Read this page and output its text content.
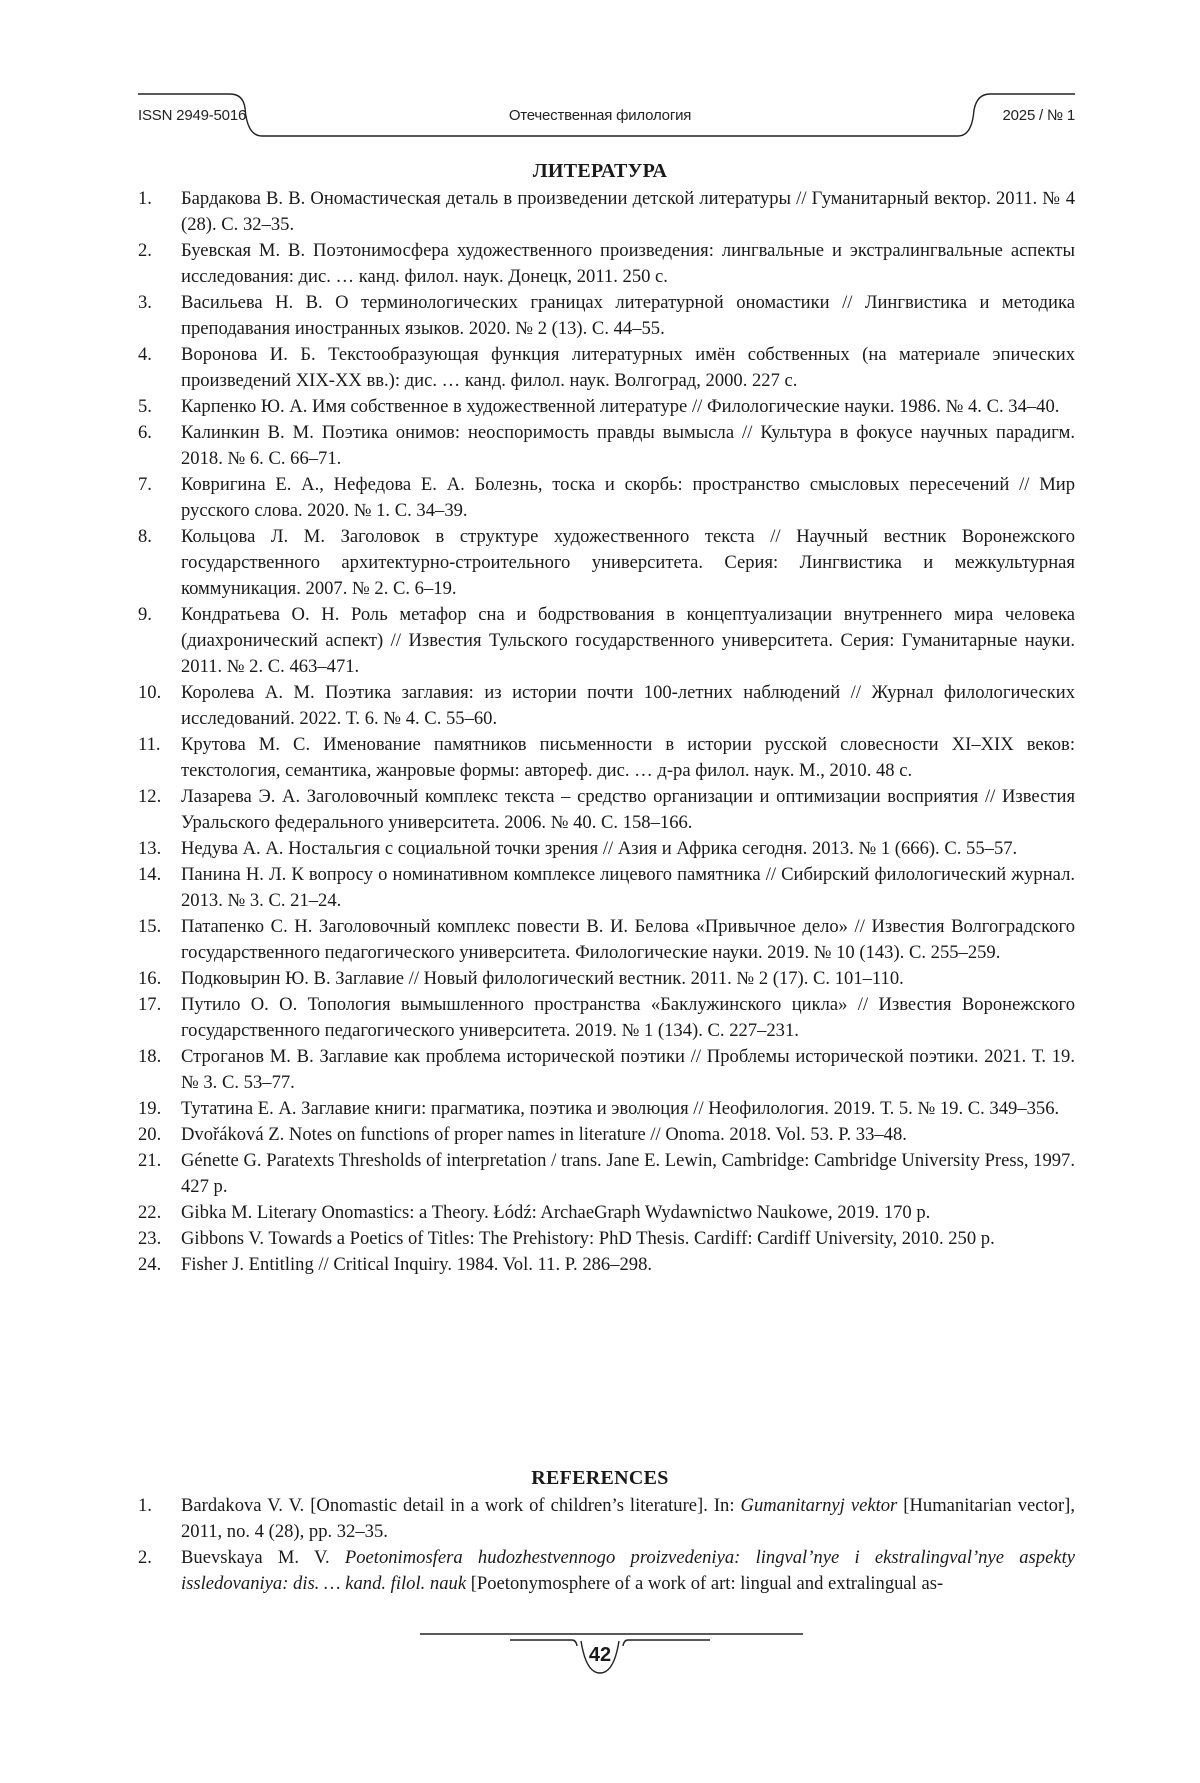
ISSN 2949-5016	Отечественная филология	2025 / № 1
ЛИТЕРАТУРА
1. Бардакова В. В. Ономастическая деталь в произведении детской литературы // Гуманитарный вектор. 2011. № 4 (28). С. 32–35.
2. Буевская М. В. Поэтонимосфера художественного произведения: лингвальные и экстралингвальные аспекты исследования: дис. … канд. филол. наук. Донецк, 2011. 250 с.
3. Васильева Н. В. О терминологических границах литературной ономастики // Лингвистика и методика преподавания иностранных языков. 2020. № 2 (13). С. 44–55.
4. Воронова И. Б. Текстообразующая функция литературных имён собственных (на материале эпических произведений XIX-XX вв.): дис. … канд. филол. наук. Волгоград, 2000. 227 с.
5. Карпенко Ю. А. Имя собственное в художественной литературе // Филологические науки. 1986. № 4. С. 34–40.
6. Калинкин В. М. Поэтика онимов: неоспоримость правды вымысла // Культура в фокусе научных парадигм. 2018. № 6. С. 66–71.
7. Ковригина Е. А., Нефедова Е. А. Болезнь, тоска и скорбь: пространство смысловых пересечений // Мир русского слова. 2020. № 1. С. 34–39.
8. Кольцова Л. М. Заголовок в структуре художественного текста // Научный вестник Воронежского государственного архитектурно-строительного университета. Серия: Лингвистика и межкультурная коммуникация. 2007. № 2. С. 6–19.
9. Кондратьева О. Н. Роль метафор сна и бодрствования в концептуализации внутреннего мира человека (диахронический аспект) // Известия Тульского государственного университета. Серия: Гуманитарные науки. 2011. № 2. С. 463–471.
10. Королева А. М. Поэтика заглавия: из истории почти 100-летних наблюдений // Журнал филологических исследований. 2022. Т. 6. № 4. С. 55–60.
11. Крутова М. С. Именование памятников письменности в истории русской словесности XI–XIX веков: текстология, семантика, жанровые формы: автореф. дис. … д-ра филол. наук. М., 2010. 48 с.
12. Лазарева Э. А. Заголовочный комплекс текста – средство организации и оптимизации восприятия // Известия Уральского федерального университета. 2006. № 40. С. 158–166.
13. Недува А. А. Ностальгия с социальной точки зрения // Азия и Африка сегодня. 2013. № 1 (666). С. 55–57.
14. Панина Н. Л. К вопросу о номинативном комплексе лицевого памятника // Сибирский филологический журнал. 2013. № 3. С. 21–24.
15. Патапенко С. Н. Заголовочный комплекс повести В. И. Белова «Привычное дело» // Известия Волгоградского государственного педагогического университета. Филологические науки. 2019. № 10 (143). С. 255–259.
16. Подковырин Ю. В. Заглавие // Новый филологический вестник. 2011. № 2 (17). С. 101–110.
17. Путило О. О. Топология вымышленного пространства «Баклужинского цикла» // Известия Воронежского государственного педагогического университета. 2019. № 1 (134). С. 227–231.
18. Строганов М. В. Заглавие как проблема исторической поэтики // Проблемы исторической поэтики. 2021. Т. 19. № 3. С. 53–77.
19. Тутатина Е. А. Заглавие книги: прагматика, поэтика и эволюция // Неофилология. 2019. Т. 5. № 19. С. 349–356.
20. Dvořáková Z. Notes on functions of proper names in literature // Onoma. 2018. Vol. 53. P. 33–48.
21. Génette G. Paratexts Thresholds of interpretation / trans. Jane E. Lewin, Cambridge: Cambridge University Press, 1997. 427 p.
22. Gibka M. Literary Onomastics: a Theory. Łódź: ArchaeGraph Wydawnictwo Naukowe, 2019. 170 p.
23. Gibbons V. Towards a Poetics of Titles: The Prehistory: PhD Thesis. Cardiff: Cardiff University, 2010. 250 p.
24. Fisher J. Entitling // Critical Inquiry. 1984. Vol. 11. P. 286–298.
REFERENCES
1. Bardakova V. V. [Onomastic detail in a work of children’s literature]. In: Gumanitarnyj vektor [Humanitarian vector], 2011, no. 4 (28), pp. 32–35.
2. Buevskaya M. V. Poetonimosfera hudozhestvennogo proizvedeniya: lingval’nye i ekstralingval’nye aspekty issledovaniya: dis. … kand. filol. nauk [Poetonymosphere of a work of art: lingual and extralingual as-
42
